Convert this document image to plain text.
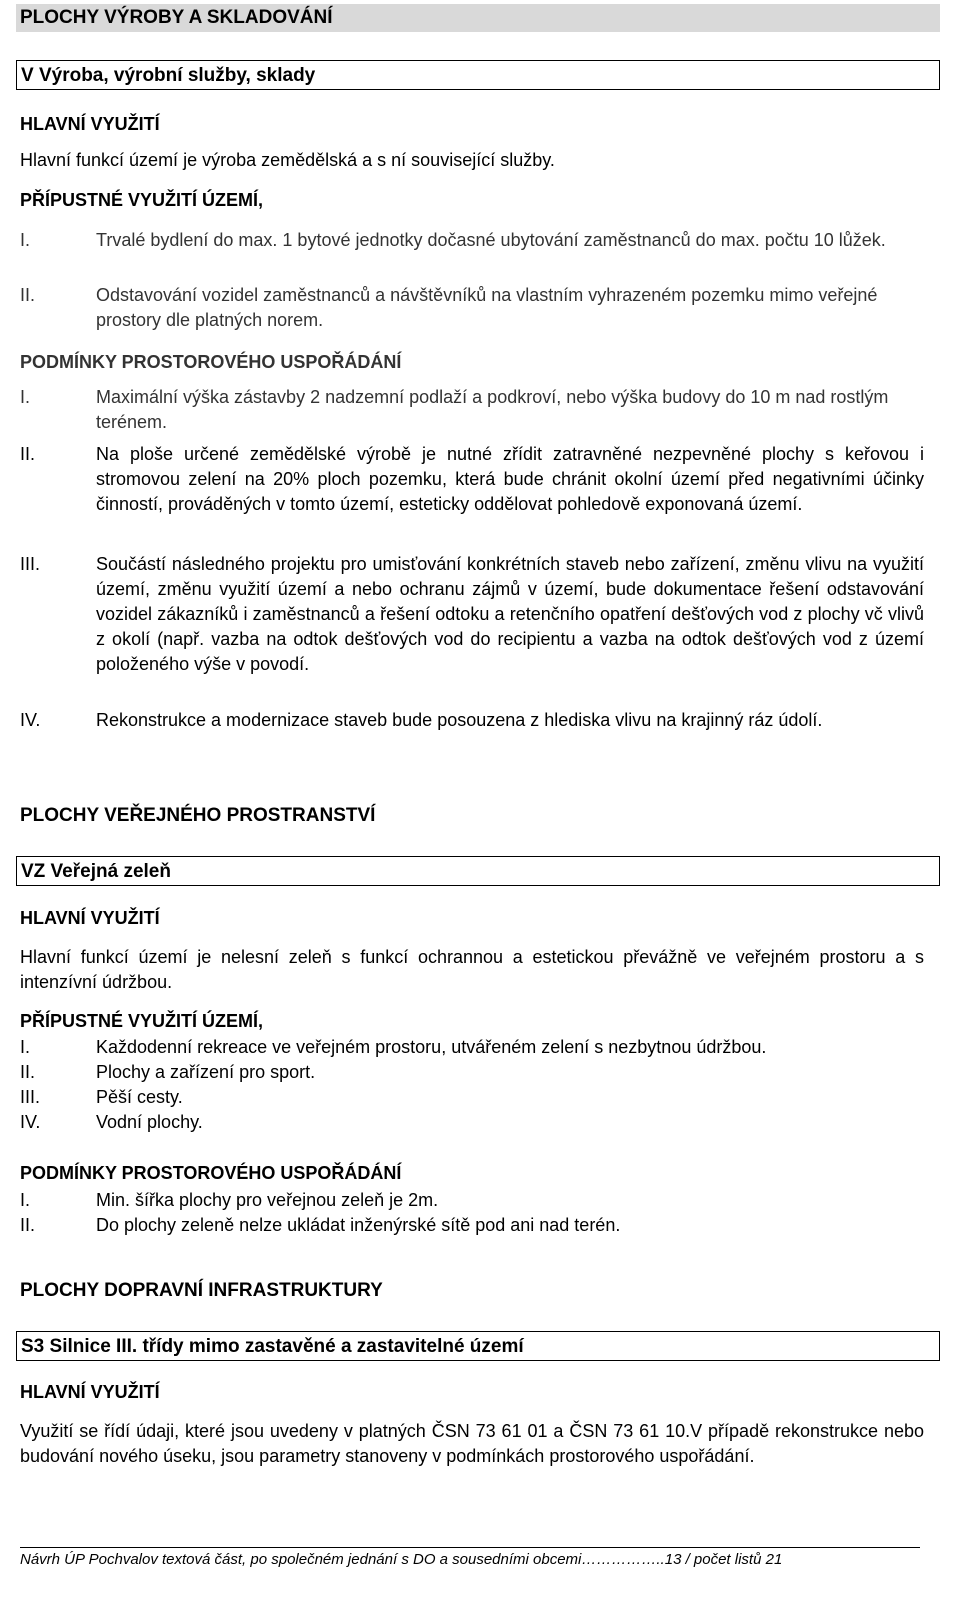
PLOCHY VÝROBY A SKLADOVÁNÍ
V Výroba, výrobní služby, sklady

HLAVNÍ VYUŽITÍ

Hlavní funkcí území je výroba zemědělská a s ní související služby.

PŘÍPUSTNÉ VYUŽITÍ ÚZEMÍ,

I.	Trvalé bydlení do max. 1 bytové jednotky dočasné ubytování zaměstnanců do max. počtu 10 lůžek.
II.	Odstavování vozidel zaměstnanců a návštěvníků na vlastním vyhrazeném pozemku mimo veřejné prostory dle platných norem.

PODMÍNKY PROSTOROVÉHO USPOŘÁDÁNÍ

I.	Maximální výška zástavby 2 nadzemní podlaží a podkroví, nebo výška budovy do 10 m nad rostlým terénem.
II.	Na ploše určené zemědělské výrobě je nutné zřídit zatravněné nezpevněné plochy s keřovou i stromovou zelení na 20% ploch pozemku, která bude chránit okolní území před negativními účinky činností, prováděných v tomto území, esteticky oddělovat pohledově exponovaná území.
III.	Součástí následného projektu pro umisťování konkrétních staveb nebo zařízení, změnu vlivu na využití území, změnu využití území a nebo ochranu zájmů v území, bude dokumentace řešení odstavování vozidel zákazníků i zaměstnanců a řešení odtoku a retenčního opatření dešťových vod z plochy vč vlivů z okolí (např. vazba na odtok dešťových vod do recipientu a vazba na odtok dešťových vod z území položeného výše v povodí.
IV.	Rekonstrukce a modernizace staveb bude posouzena z hlediska vlivu na krajinný ráz údolí.

PLOCHY VEŘEJNÉHO PROSTRANSTVÍ

VZ Veřejná zeleň

HLAVNÍ VYUŽITÍ

Hlavní funkcí území je nelesní zeleň s funkcí ochrannou a estetickou převážně ve veřejném prostoru a s intenzívní údržbou.

PŘÍPUSTNÉ VYUŽITÍ ÚZEMÍ,

I.	Každodenní rekreace ve veřejném prostoru, utvářeném zelení s nezbytnou údržbou.
II.	Plochy a zařízení pro sport.
III.	Pěší cesty.
IV.	Vodní plochy.

PODMÍNKY PROSTOROVÉHO USPOŘÁDÁNÍ

I.	Min. šířka plochy pro veřejnou zeleň je 2m.
II.	Do plochy zeleně nelze ukládat inženýrské sítě pod ani nad terén.

PLOCHY DOPRAVNÍ INFRASTRUKTURY

S3 Silnice III. třídy mimo zastavěné a zastavitelné území

HLAVNÍ VYUŽITÍ

Využití se řídí údaji, které jsou uvedeny v platných ČSN 73 61 01 a ČSN 73 61 10.V případě rekonstrukce nebo budování nového úseku, jsou parametry stanoveny v podmínkách prostorového uspořádání.

Návrh ÚP Pochvalov textová část, po společném jednání s DO a sousedními obcemi……………..13 / počet listů 21
